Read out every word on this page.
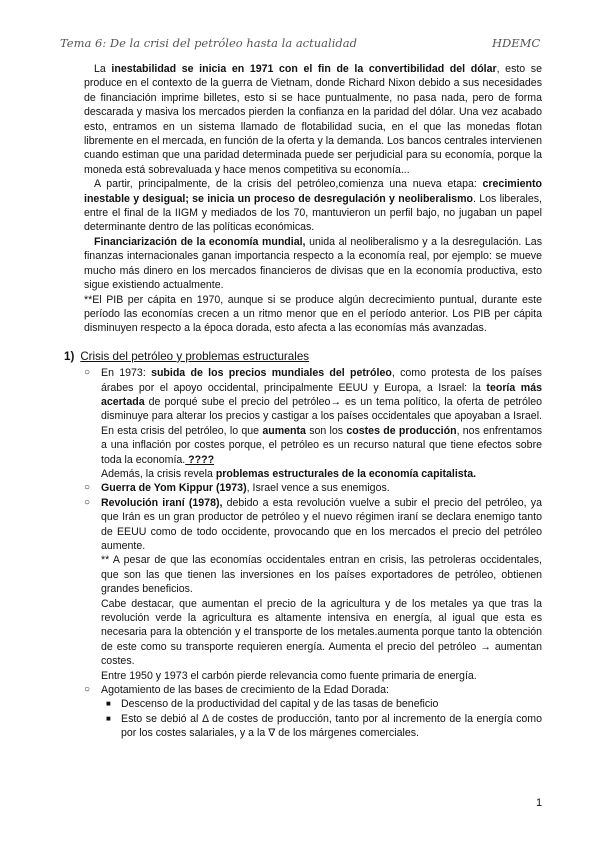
Tema 6: De la crisi del petróleo hasta la actualidad	HDEMC

La inestabilidad se inicia en 1971 con el fin de la convertibilidad del dólar, esto se produce en el contexto de la guerra de Vietnam, donde Richard Nixon debido a sus necesidades de financiación imprime billetes, esto si se hace puntualmente, no pasa nada, pero de forma descarada y masiva los mercados pierden la confianza en la paridad del dólar. Una vez acabado esto, entramos en un sistema llamado de flotabilidad sucia, en el que las monedas flotan libremente en el mercada, en función de la oferta y la demanda. Los bancos centrales intervienen cuando estiman que una paridad determinada puede ser perjudicial para su economía, porque la moneda está sobrevaluada y hace menos competitiva su economía...

A partir, principalmente, de la crisis del petróleo,comienza una nueva etapa: crecimiento inestable y desigual; se inicia un proceso de desregulación y neoliberalismo. Los liberales, entre el final de la IIGM y mediados de los 70, mantuvieron un perfil bajo, no jugaban un papel determinante dentro de las políticas económicas.

Financiarización de la economía mundial, unida al neoliberalismo y a la desregulación. Las finanzas internacionales ganan importancia respecto a la economía real, por ejemplo: se mueve mucho más dinero en los mercados financieros de divisas que en la economía productiva, esto sigue existiendo actualmente.

**El PIB per cápita en 1970, aunque si se produce algún decrecimiento puntual, durante este período las economías crecen a un ritmo menor que en el período anterior. Los PIB per cápita disminuyen respecto a la época dorada, esto afecta a las economías más avanzadas.

1) Crisis del petróleo y problemas estructurales
○ En 1973: subida de los precios mundiales del petróleo, como protesta de los países árabes por el apoyo occidental, principalmente EEUU y Europa, a Israel: la teoría más acertada de porqué sube el precio del petróleo→ es un tema político, la oferta de petróleo disminuye para alterar los precios y castigar a los países occidentales que apoyaban a Israel. En esta crisis del petróleo, lo que aumenta son los costes de producción, nos enfrentamos a una inflación por costes porque, el petróleo es un recurso natural que tiene efectos sobre toda la economía. ????
Además, la crisis revela problemas estructurales de la economía capitalista.
○ Guerra de Yom Kippur (1973), Israel vence a sus enemigos.
○ Revolución iraní (1978), debido a esta revolución vuelve a subir el precio del petróleo, ya que Irán es un gran productor de petróleo y el nuevo régimen iraní se declara enemigo tanto de EEUU como de todo occidente, provocando que en los mercados el precio del petróleo aumente.
** A pesar de que las economías occidentales entran en crisis, las petroleras occidentales, que son las que tienen las inversiones en los países exportadores de petróleo, obtienen grandes beneficios.
Cabe destacar, que aumentan el precio de la agricultura y de los metales ya que tras la revolución verde la agricultura es altamente intensiva en energía, al igual que esta es necesaria para la obtención y el transporte de los metales.aumenta porque tanto la obtención de este como su transporte requieren energía. Aumenta el precio del petróleo → aumentan costes.
Entre 1950 y 1973 el carbón pierde relevancia como fuente primaria de energía.
○ Agotamiento de las bases de crecimiento de la Edad Dorada:
■ Descenso de la productividad del capital y de las tasas de beneficio
■ Esto se debió al Δ de costes de producción, tanto por al incremento de la energía como por los costes salariales, y a la ∇ de los márgenes comerciales.
1
